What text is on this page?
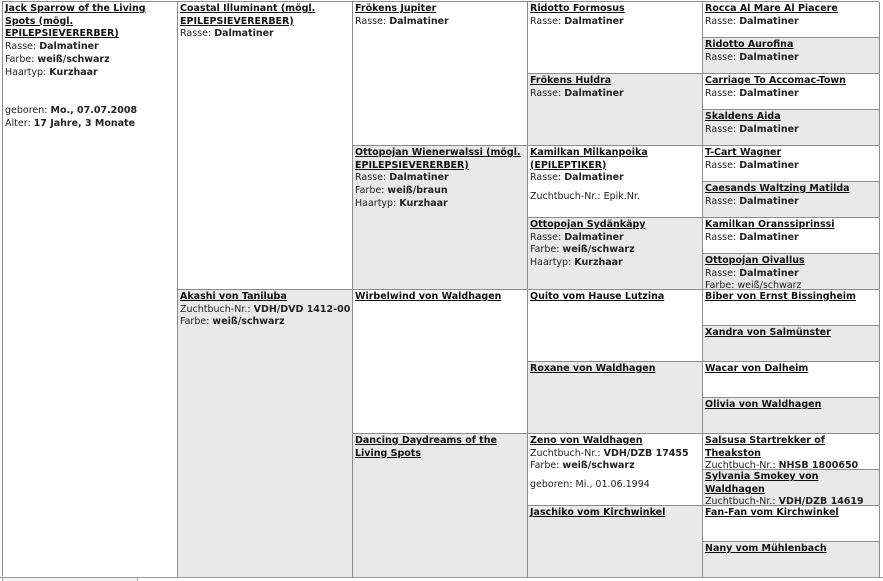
Jack Sparrow of the Living Spots (mögl. EPILEPSIEVERERBER)
Rasse: Dalmatiner
Farbe: weiß/schwarz
Haartyp: Kurzhaar
geboren: Mo., 07.07.2008
Alter: 17 Jahre, 3 Monate
Coastal Illuminant (mögl. EPILEPSIEVERERBER)
Rasse: Dalmatiner
Akashi von Taniluba
Zuchtbuch-Nr.: VDH/DVD 1412-00
Farbe: weiß/schwarz
Frökens Jupiter
Rasse: Dalmatiner
Ottopojan Wienerwalssi (mögl. EPILEPSIEVERERBER)
Rasse: Dalmatiner
Farbe: weiß/braun
Haartyp: Kurzhaar
Wirbelwind von Waldhagen
Dancing Daydreams of the Living Spots
Ridotto Formosus
Rasse: Dalmatiner
Frökens Huldra
Rasse: Dalmatiner
Kamilkan Milkanpoika (EPILEPTIKER)
Rasse: Dalmatiner
Zuchtbuch-Nr.: Epik.Nr.
Ottopojan Sydänkäpy
Rasse: Dalmatiner
Farbe: weiß/schwarz
Haartyp: Kurzhaar
Quito vom Hause Lutzina
Roxane von Waldhagen
Zeno von Waldhagen
Zuchtbuch-Nr.: VDH/DZB 17455
Farbe: weiß/schwarz
geboren: Mi., 01.06.1994
Jaschiko vom Kirchwinkel
Rocca Al Mare Al Piacere
Rasse: Dalmatiner
Ridotto Aurofina
Rasse: Dalmatiner
Carriage To Accomac-Town
Rasse: Dalmatiner
Skaldens Aida
Rasse: Dalmatiner
T-Cart Wagner
Rasse: Dalmatiner
Caesands Waltzing Matilda
Rasse: Dalmatiner
Kamilkan Oranssiprinssi
Rasse: Dalmatiner
Ottopojan Oivallus
Rasse: Dalmatiner
Farbe: weiß/schwarz
Biber von Ernst Bissingheim
Xandra von Salmünster
Wacar von Dalheim
Olivia von Waldhagen
Salsusa Startrekker of Theakston
Zuchtbuch-Nr.: NHSB 1800650
Sylvania Smokey von Waldhagen
Zuchtbuch-Nr.: VDH/DZB 14619
Fan-Fan vom Kirchwinkel
Nany vom Mühlenbach
